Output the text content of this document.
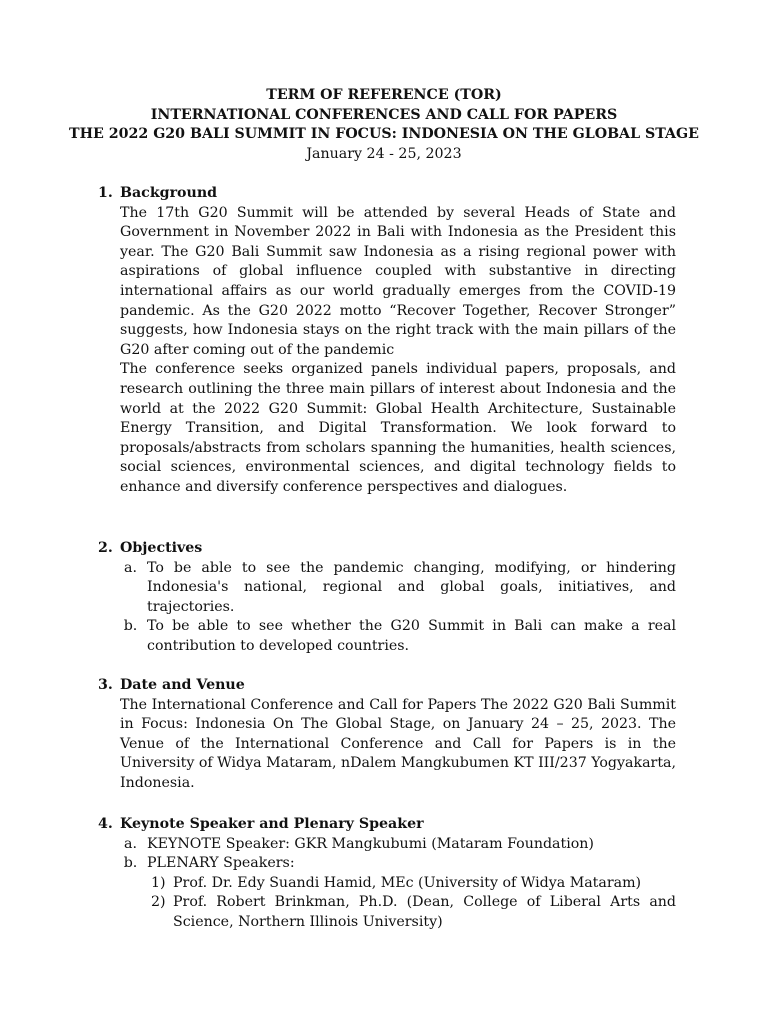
TERM OF REFERENCE (TOR)
INTERNATIONAL CONFERENCES AND CALL FOR PAPERS
THE 2022 G20 BALI SUMMIT IN FOCUS: INDONESIA ON THE GLOBAL STAGE
January 24 - 25, 2023
1. Background

The 17th G20 Summit will be attended by several Heads of State and Government in November 2022 in Bali with Indonesia as the President this year. The G20 Bali Summit saw Indonesia as a rising regional power with aspirations of global influence coupled with substantive in directing international affairs as our world gradually emerges from the COVID-19 pandemic. As the G20 2022 motto “Recover Together, Recover Stronger” suggests, how Indonesia stays on the right track with the main pillars of the G20 after coming out of the pandemic

The conference seeks organized panels individual papers, proposals, and research outlining the three main pillars of interest about Indonesia and the world at the 2022 G20 Summit: Global Health Architecture, Sustainable Energy Transition, and Digital Transformation. We look forward to proposals/abstracts from scholars spanning the humanities, health sciences, social sciences, environmental sciences, and digital technology fields to enhance and diversify conference perspectives and dialogues.

2. Objectives
a. To be able to see the pandemic changing, modifying, or hindering Indonesia's national, regional and global goals, initiatives, and trajectories.
b. To be able to see whether the G20 Summit in Bali can make a real contribution to developed countries.
3. Date and Venue

The International Conference and Call for Papers The 2022 G20 Bali Summit in Focus: Indonesia On The Global Stage, on January 24 – 25, 2023. The Venue of the International Conference and Call for Papers is in the University of Widya Mataram, nDalem Mangkubumen KT III/237 Yogyakarta, Indonesia.

4. Keynote Speaker and Plenary Speaker
a. KEYNOTE Speaker: GKR Mangkubumi (Mataram Foundation)
b. PLENARY Speakers:
1) Prof. Dr. Edy Suandi Hamid, MEc (University of Widya Mataram)
2) Prof. Robert Brinkman, Ph.D. (Dean, College of Liberal Arts and Science, Northern Illinois University)
